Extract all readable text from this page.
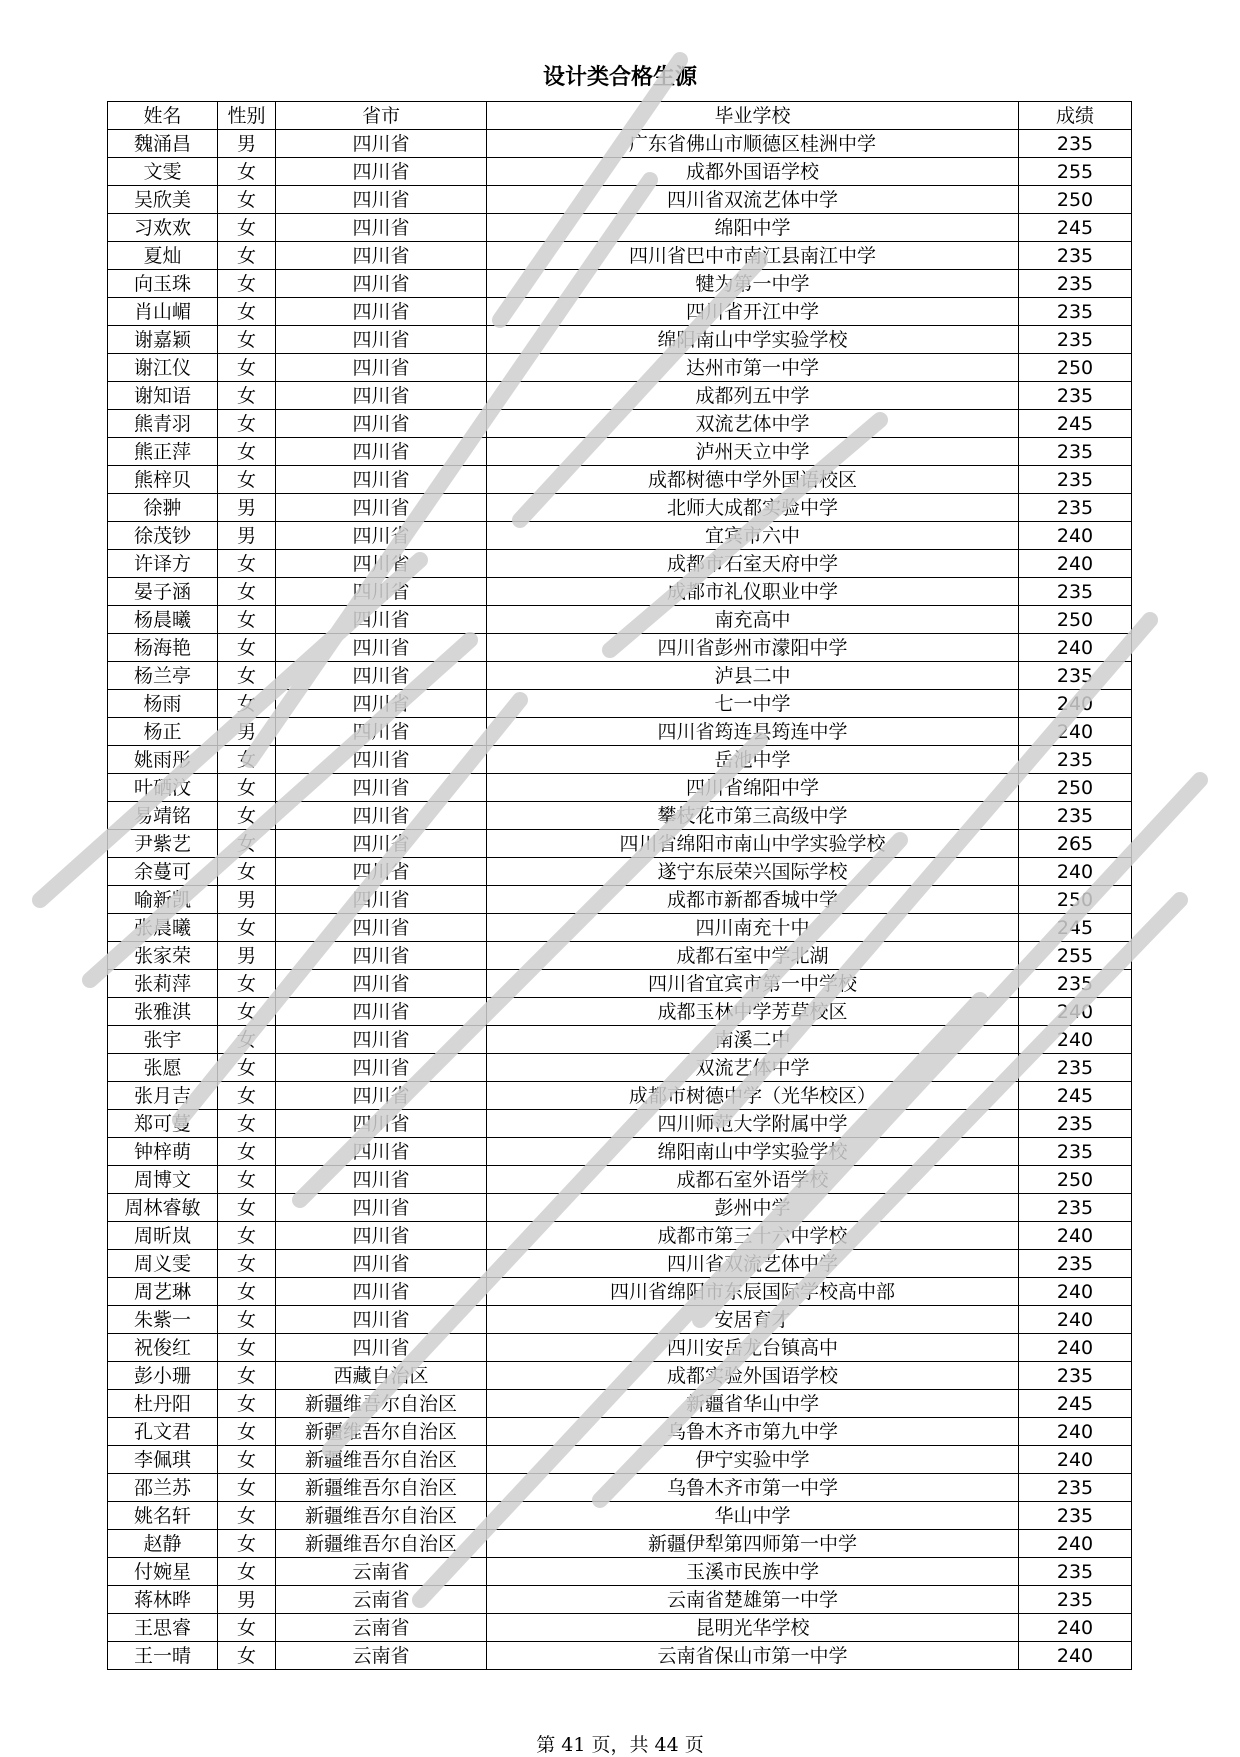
设计类合格生源
姓名	性别	省市	毕业学校	成绩
魏涌昌	男	四川省	广东省佛山市顺德区桂洲中学	235
文雯	女	四川省	成都外国语学校	255
吴欣美	女	四川省	四川省双流艺体中学	250
习欢欢	女	四川省	绵阳中学	245
夏灿	女	四川省	四川省巴中市南江县南江中学	235
向玉珠	女	四川省	犍为第一中学	235
肖山嵋	女	四川省	四川省开江中学	235
谢嘉颖	女	四川省	绵阳南山中学实验学校	235
谢江仪	女	四川省	达州市第一中学	250
谢知语	女	四川省	成都列五中学	235
熊青羽	女	四川省	双流艺体中学	245
熊正萍	女	四川省	泸州天立中学	235
熊梓贝	女	四川省	成都树德中学外国语校区	235
徐翀	男	四川省	北师大成都实验中学	235
徐茂钞	男	四川省	宜宾市六中	240
许译方	女	四川省	成都市石室天府中学	240
晏子涵	女	四川省	成都市礼仪职业中学	235
杨晨曦	女	四川省	南充高中	250
杨海艳	女	四川省	四川省彭州市濛阳中学	240
杨兰亭	女	四川省	泸县二中	235
杨雨	女	四川省	七一中学	240
杨正	男	四川省	四川省筠连县筠连中学	240
姚雨彤	女	四川省	岳池中学	235
叶硒汶	女	四川省	四川省绵阳中学	250
易靖铭	女	四川省	攀枝花市第三高级中学	235
尹紫艺	女	四川省	四川省绵阳市南山中学实验学校	265
余蔓可	女	四川省	遂宁东辰荣兴国际学校	240
喻新凯	男	四川省	成都市新都香城中学	250
张晨曦	女	四川省	四川南充十中	245
张家荣	男	四川省	成都石室中学北湖	255
张莉萍	女	四川省	四川省宜宾市第一中学校	235
张雅淇	女	四川省	成都玉林中学芳草校区	240
张宇	女	四川省	南溪二中	240
张愿	女	四川省	双流艺体中学	235
张月吉	女	四川省	成都市树德中学（光华校区）	245
郑可蔓	女	四川省	四川师范大学附属中学	235
钟梓萌	女	四川省	绵阳南山中学实验学校	235
周博文	女	四川省	成都石室外语学校	250
周林睿敏	女	四川省	彭州中学	235
周昕岚	女	四川省	成都市第三十六中学校	240
周义雯	女	四川省	四川省双流艺体中学	235
周艺琳	女	四川省	四川省绵阳市东辰国际学校高中部	240
朱紫一	女	四川省	安居育才	240
祝俊红	女	四川省	四川安岳龙台镇高中	240
彭小珊	女	西藏自治区	成都实验外国语学校	235
杜丹阳	女	新疆维吾尔自治区	新疆省华山中学	245
孔文君	女	新疆维吾尔自治区	乌鲁木齐市第九中学	240
李佩琪	女	新疆维吾尔自治区	伊宁实验中学	240
邵兰苏	女	新疆维吾尔自治区	乌鲁木齐市第一中学	235
姚名轩	女	新疆维吾尔自治区	华山中学	235
赵静	女	新疆维吾尔自治区	新疆伊犁第四师第一中学	240
付婉星	女	云南省	玉溪市民族中学	235
蒋林晔	男	云南省	云南省楚雄第一中学	235
王思睿	女	云南省	昆明光华学校	240
王一晴	女	云南省	云南省保山市第一中学	240
第 41 页，共 44 页
